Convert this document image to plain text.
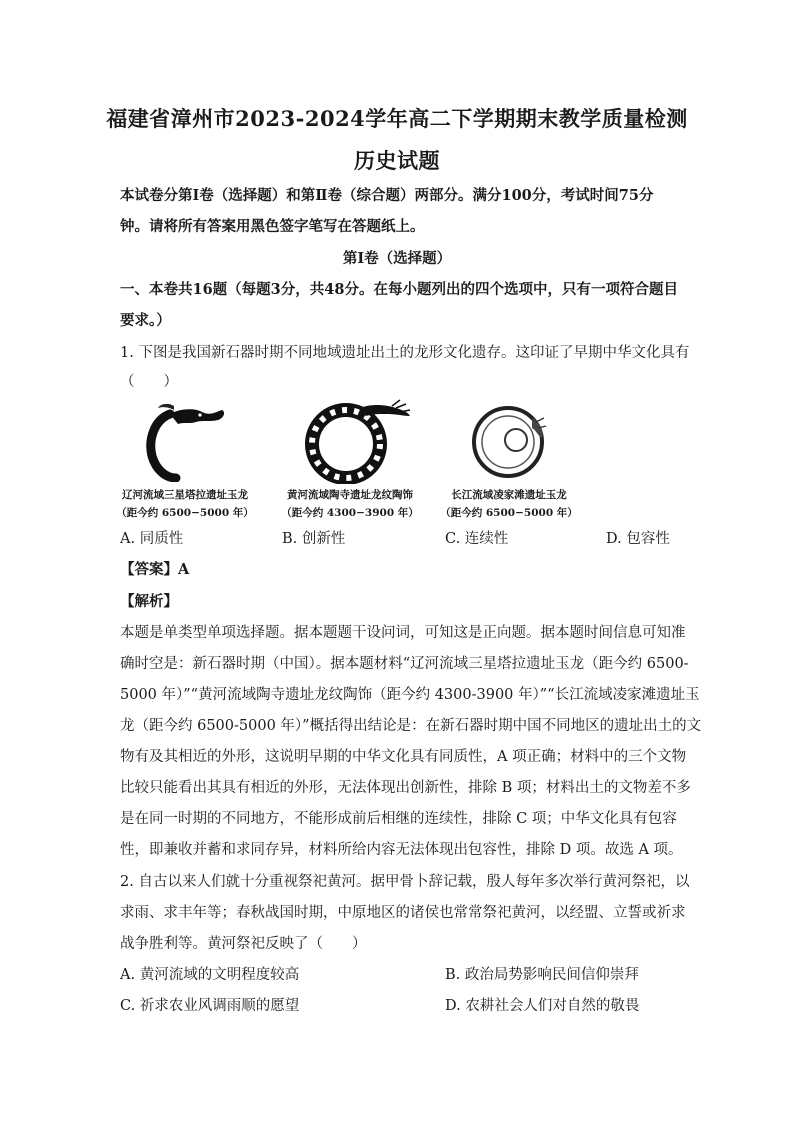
福建省漳州市2023-2024学年高二下学期期末教学质量检测
历史试题
本试卷分第Ⅰ卷（选择题）和第Ⅱ卷（综合题）两部分。满分100分，考试时间75分
钟。请将所有答案用黑色签字笔写在答题纸上。
第Ⅰ卷（选择题）
一、本卷共16题（每题3分，共48分。在每小题列出的四个选项中，只有一项符合题目
要求。）
1. 下图是我国新石器时期不同地域遗址出土的龙形文化遗存。这印证了早期中华文化具有
（　　）
辽河流域三星塔拉遗址玉龙
（距今约 6500−5000 年）
黄河流域陶寺遗址龙纹陶饰
（距今约 4300−3900 年）
长江流域凌家滩遗址玉龙
（距今约 6500−5000 年）
A. 同质性	B. 创新性	C. 连续性	D. 包容性
【答案】A
【解析】
本题是单类型单项选择题。据本题题干设问词，可知这是正向题。据本题时间信息可知准
确时空是：新石器时期（中国）。据本题材料“辽河流域三星塔拉遗址玉龙（距今约 6500-
5000 年）”“黄河流域陶寺遗址龙纹陶饰（距今约 4300-3900 年）”“长江流域凌家滩遗址玉
龙（距今约 6500-5000 年）”概括得出结论是：在新石器时期中国不同地区的遗址出土的文
物有及其相近的外形，这说明早期的中华文化具有同质性，A 项正确；材料中的三个文物
比较只能看出其具有相近的外形，无法体现出创新性，排除 B 项；材料出土的文物差不多
是在同一时期的不同地方，不能形成前后相继的连续性，排除 C 项；中华文化具有包容
性，即兼收并蓄和求同存异，材料所给内容无法体现出包容性，排除 D 项。故选 A 项。
2. 自古以来人们就十分重视祭祀黄河。据甲骨卜辞记载，殷人每年多次举行黄河祭祀，以
求雨、求丰年等；春秋战国时期，中原地区的诸侯也常常祭祀黄河，以经盟、立誓或祈求
战争胜利等。黄河祭祀反映了（　　）
A. 黄河流域的文明程度较高	B. 政治局势影响民间信仰崇拜
C. 祈求农业风调雨顺的愿望	D. 农耕社会人们对自然的敬畏
